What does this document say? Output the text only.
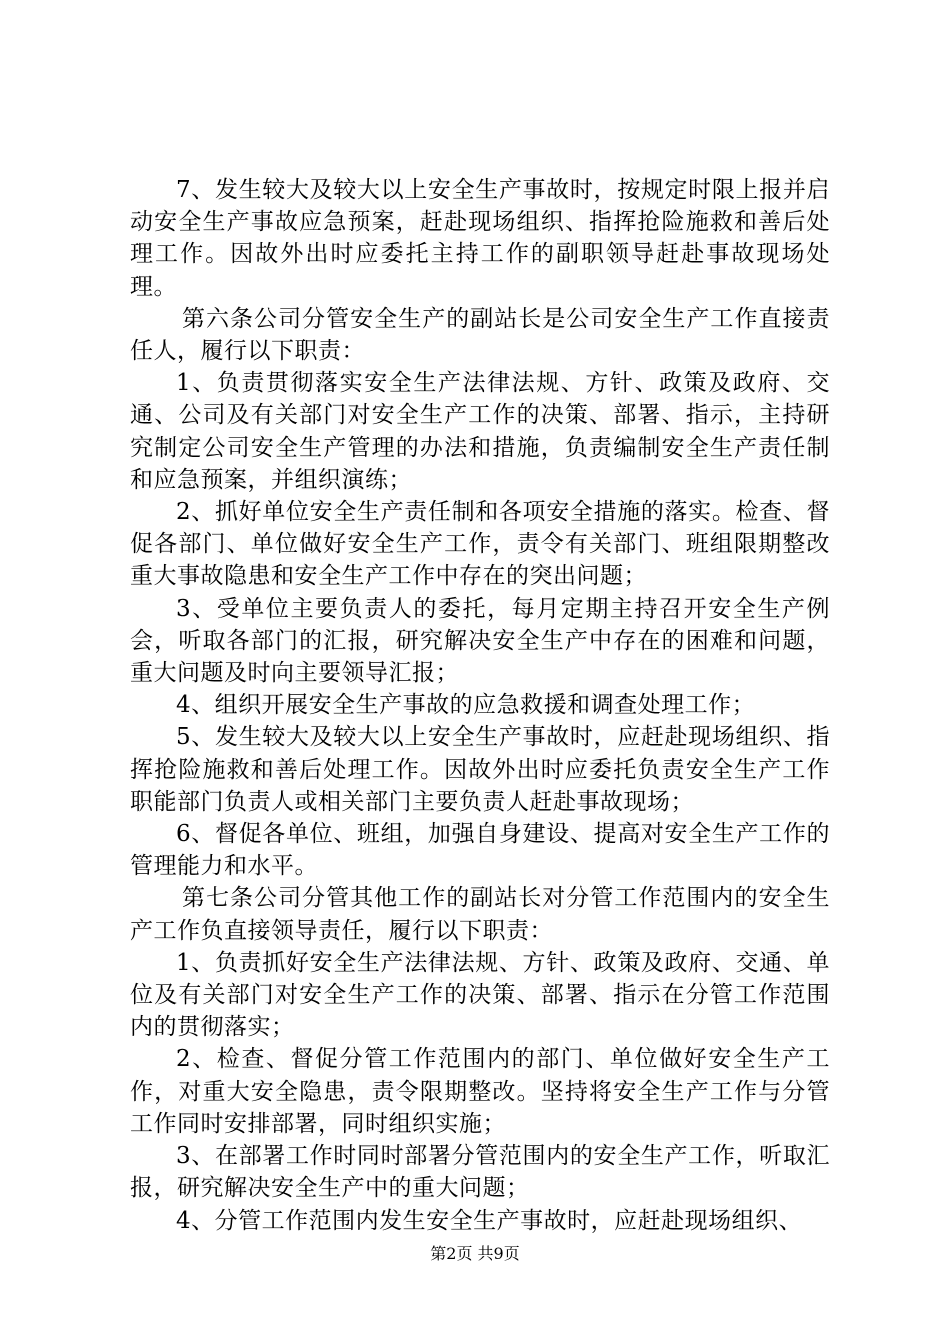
7、发生较大及较大以上安全生产事故时，按规定时限上报并启动安全生产事故应急预案，赶赴现场组织、指挥抢险施救和善后处理工作。因故外出时应委托主持工作的副职领导赶赴事故现场处理。

第六条公司分管安全生产的副站长是公司安全生产工作直接责任人，履行以下职责：

1、负责贯彻落实安全生产法律法规、方针、政策及政府、交通、公司及有关部门对安全生产工作的决策、部署、指示，主持研究制定公司安全生产管理的办法和措施，负责编制安全生产责任制和应急预案，并组织演练；

2、抓好单位安全生产责任制和各项安全措施的落实。检查、督促各部门、单位做好安全生产工作，责令有关部门、班组限期整改重大事故隐患和安全生产工作中存在的突出问题；

3、受单位主要负责人的委托，每月定期主持召开安全生产例会，听取各部门的汇报，研究解决安全生产中存在的困难和问题，重大问题及时向主要领导汇报；

4、组织开展安全生产事故的应急救援和调查处理工作；

5、发生较大及较大以上安全生产事故时，应赶赴现场组织、指挥抢险施救和善后处理工作。因故外出时应委托负责安全生产工作职能部门负责人或相关部门主要负责人赶赴事故现场；

6、督促各单位、班组，加强自身建设、提高对安全生产工作的管理能力和水平。

第七条公司分管其他工作的副站长对分管工作范围内的安全生产工作负直接领导责任，履行以下职责：

1、负责抓好安全生产法律法规、方针、政策及政府、交通、单位及有关部门对安全生产工作的决策、部署、指示在分管工作范围内的贯彻落实；

2、检查、督促分管工作范围内的部门、单位做好安全生产工作，对重大安全隐患，责令限期整改。坚持将安全生产工作与分管工作同时安排部署，同时组织实施；

3、在部署工作时同时部署分管范围内的安全生产工作，听取汇报，研究解决安全生产中的重大问题；

4、分管工作范围内发生安全生产事故时，应赶赴现场组织、

第2页 共9页
